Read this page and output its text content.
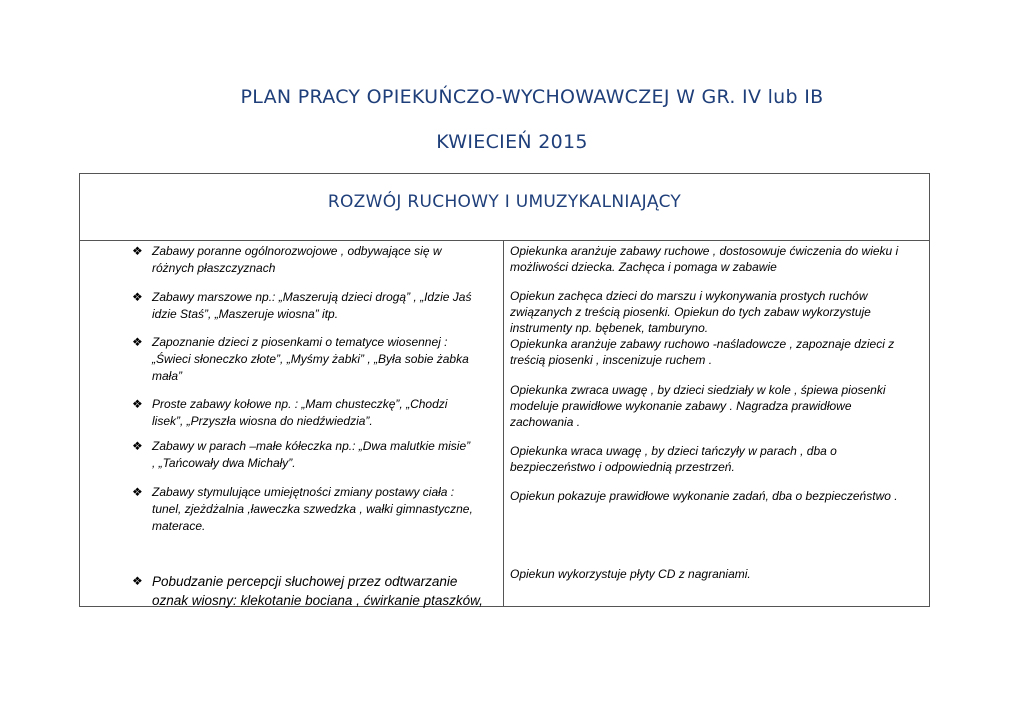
PLAN PRACY OPIEKUŃCZO-WYCHOWAWCZEJ W GR. IV lub IB
KWIECIEŃ 2015
ROZWÓJ RUCHOWY I UMUZYKALNIAJĄCY
❖ Zabawy poranne ogólnorozwojowe , odbywające się w
różnych płaszczyznach
❖ Zabawy marszowe np.: „Maszerują dzieci drogą” , „Idzie Jaś
idzie Staś”, „Maszeruje wiosna” itp.
❖ Zapoznanie dzieci z piosenkami o tematyce wiosennej :
„Świeci słoneczko złote”, „Myśmy żabki” , „Była sobie żabka
mała”
❖ Proste zabawy kołowe np. : „Mam chusteczkę”, „Chodzi
lisek”, „Przyszła wiosna do niedźwiedzia”.
❖ Zabawy w parach –małe kółeczka np.: „Dwa malutkie misie”
, „Tańcowały dwa Michały”.
❖ Zabawy stymulujące umiejętności zmiany postawy ciała :
tunel, zjeżdżalnia ,ławeczka szwedzka , wałki gimnastyczne,
materace.
❖ Pobudzanie percepcji słuchowej przez odtwarzanie
oznak wiosny: klekotanie bociana , ćwirkanie ptaszków,
Opiekunka aranżuje zabawy ruchowe , dostosowuje ćwiczenia do wieku i
możliwości dziecka. Zachęca i pomaga w zabawie
Opiekun zachęca dzieci do marszu i wykonywania prostych ruchów
związanych z treścią piosenki. Opiekun do tych zabaw wykorzystuje
instrumenty np. bębenek, tamburyno.
Opiekunka aranżuje zabawy ruchowo -naśladowcze , zapoznaje dzieci z
treścią piosenki , inscenizuje ruchem .
Opiekunka zwraca uwagę , by dzieci siedziały w kole , śpiewa piosenki
modeluje prawidłowe wykonanie zabawy . Nagradza prawidłowe
zachowania .
Opiekunka wraca uwagę , by dzieci tańczyły w parach , dba o
bezpieczeństwo i odpowiednią przestrzeń.
Opiekun pokazuje prawidłowe wykonanie zadań, dba o bezpieczeństwo .
Opiekun wykorzystuje płyty CD z nagraniami.
